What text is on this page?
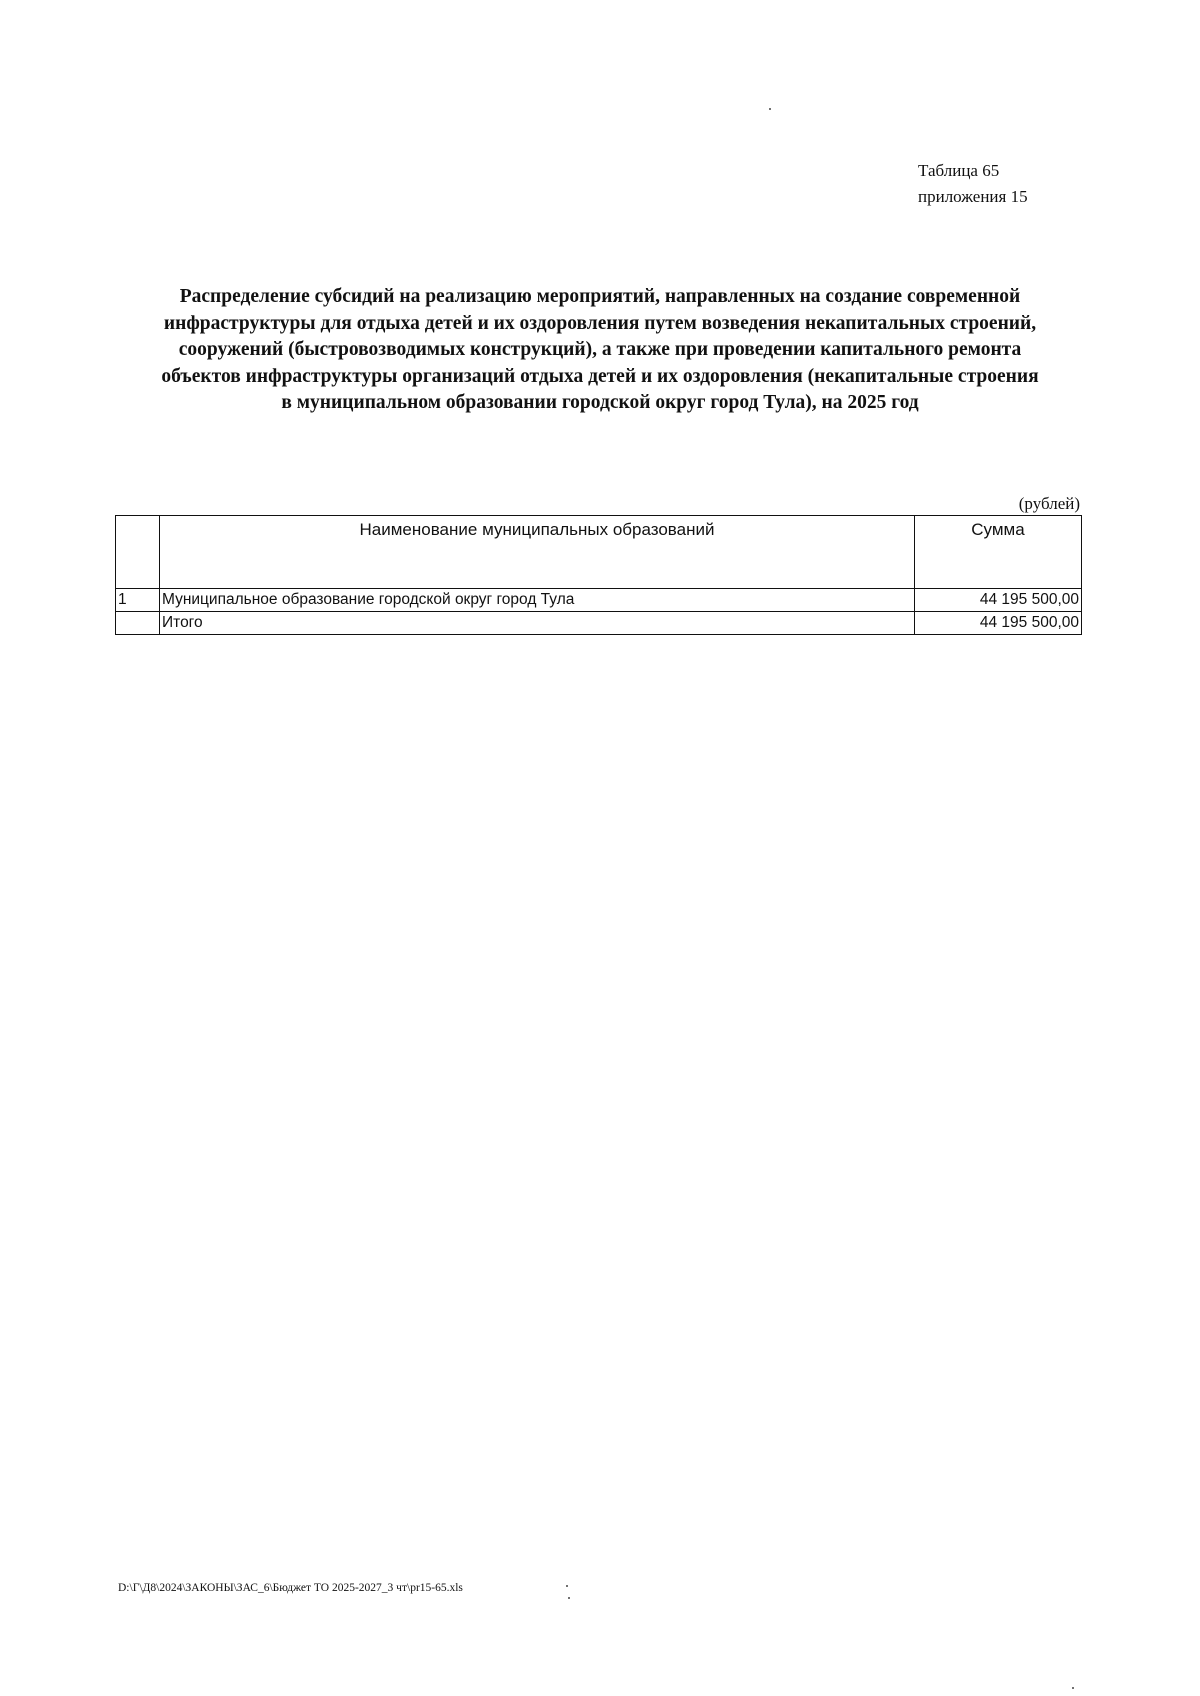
Таблица 65
приложения 15
Распределение субсидий на реализацию мероприятий, направленных на создание современной
инфраструктуры для отдыха детей и их оздоровления путем возведения некапитальных строений,
сооружений (быстровозводимых конструкций), а также при проведении капитального ремонта
объектов инфраструктуры организаций отдыха детей и их оздоровления (некапитальные строения
в муниципальном образовании городской округ город Тула), на 2025 год
(рублей)
	Наименование муниципальных образований	Сумма
1	Муниципальное образование городской округ город Тула	44 195 500,00
	Итого	44 195 500,00
D:\Г\Д8\2024\ЗАКОНЫ\ЗАС_6\Бюджет ТО 2025-2027_3 чт\pr15-65.xls
